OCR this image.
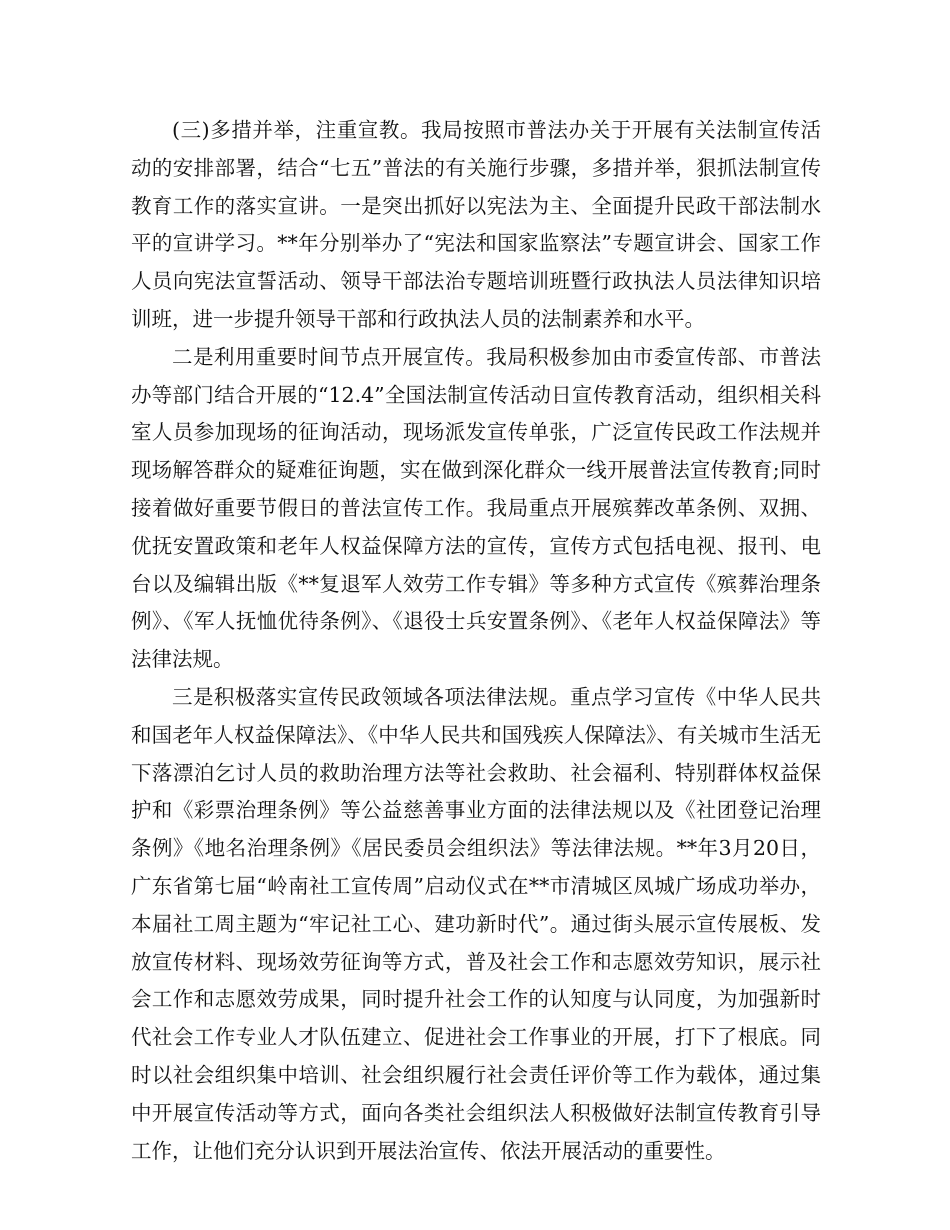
(三)多措并举，注重宣教。我局按照市普法办关于开展有关法制宣传活动的安排部署，结合“七五”普法的有关施行步骤，多措并举，狠抓法制宣传教育工作的落实宣讲。一是突出抓好以宪法为主、全面提升民政干部法制水平的宣讲学习。**年分别举办了“宪法和国家监察法”专题宣讲会、国家工作人员向宪法宣誓活动、领导干部法治专题培训班暨行政执法人员法律知识培训班，进一步提升领导干部和行政执法人员的法制素养和水平。

二是利用重要时间节点开展宣传。我局积极参加由市委宣传部、市普法办等部门结合开展的“12.4”全国法制宣传活动日宣传教育活动，组织相关科室人员参加现场的征询活动，现场派发宣传单张，广泛宣传民政工作法规并现场解答群众的疑难征询题，实在做到深化群众一线开展普法宣传教育;同时接着做好重要节假日的普法宣传工作。我局重点开展殡葬改革条例、双拥、优抚安置政策和老年人权益保障方法的宣传，宣传方式包括电视、报刊、电台以及编辑出版《**复退军人效劳工作专辑》等多种方式宣传《殡葬治理条例》、《军人抚恤优待条例》、《退役士兵安置条例》、《老年人权益保障法》等法律法规。

三是积极落实宣传民政领域各项法律法规。重点学习宣传《中华人民共和国老年人权益保障法》、《中华人民共和国残疾人保障法》、有关城市生活无下落漂泊乞讨人员的救助治理方法等社会救助、社会福利、特别群体权益保护和《彩票治理条例》等公益慈善事业方面的法律法规以及《社团登记治理条例》《地名治理条例》《居民委员会组织法》等法律法规。**年3月20日，广东省第七届“岭南社工宣传周”启动仪式在**市清城区凤城广场成功举办，本届社工周主题为“牢记社工心、建功新时代”。通过街头展示宣传展板、发放宣传材料、现场效劳征询等方式，普及社会工作和志愿效劳知识，展示社会工作和志愿效劳成果，同时提升社会工作的认知度与认同度，为加强新时代社会工作专业人才队伍建立、促进社会工作事业的开展，打下了根底。同时以社会组织集中培训、社会组织履行社会责任评价等工作为载体，通过集中开展宣传活动等方式，面向各类社会组织法人积极做好法制宣传教育引导工作，让他们充分认识到开展法治宣传、依法开展活动的重要性。
